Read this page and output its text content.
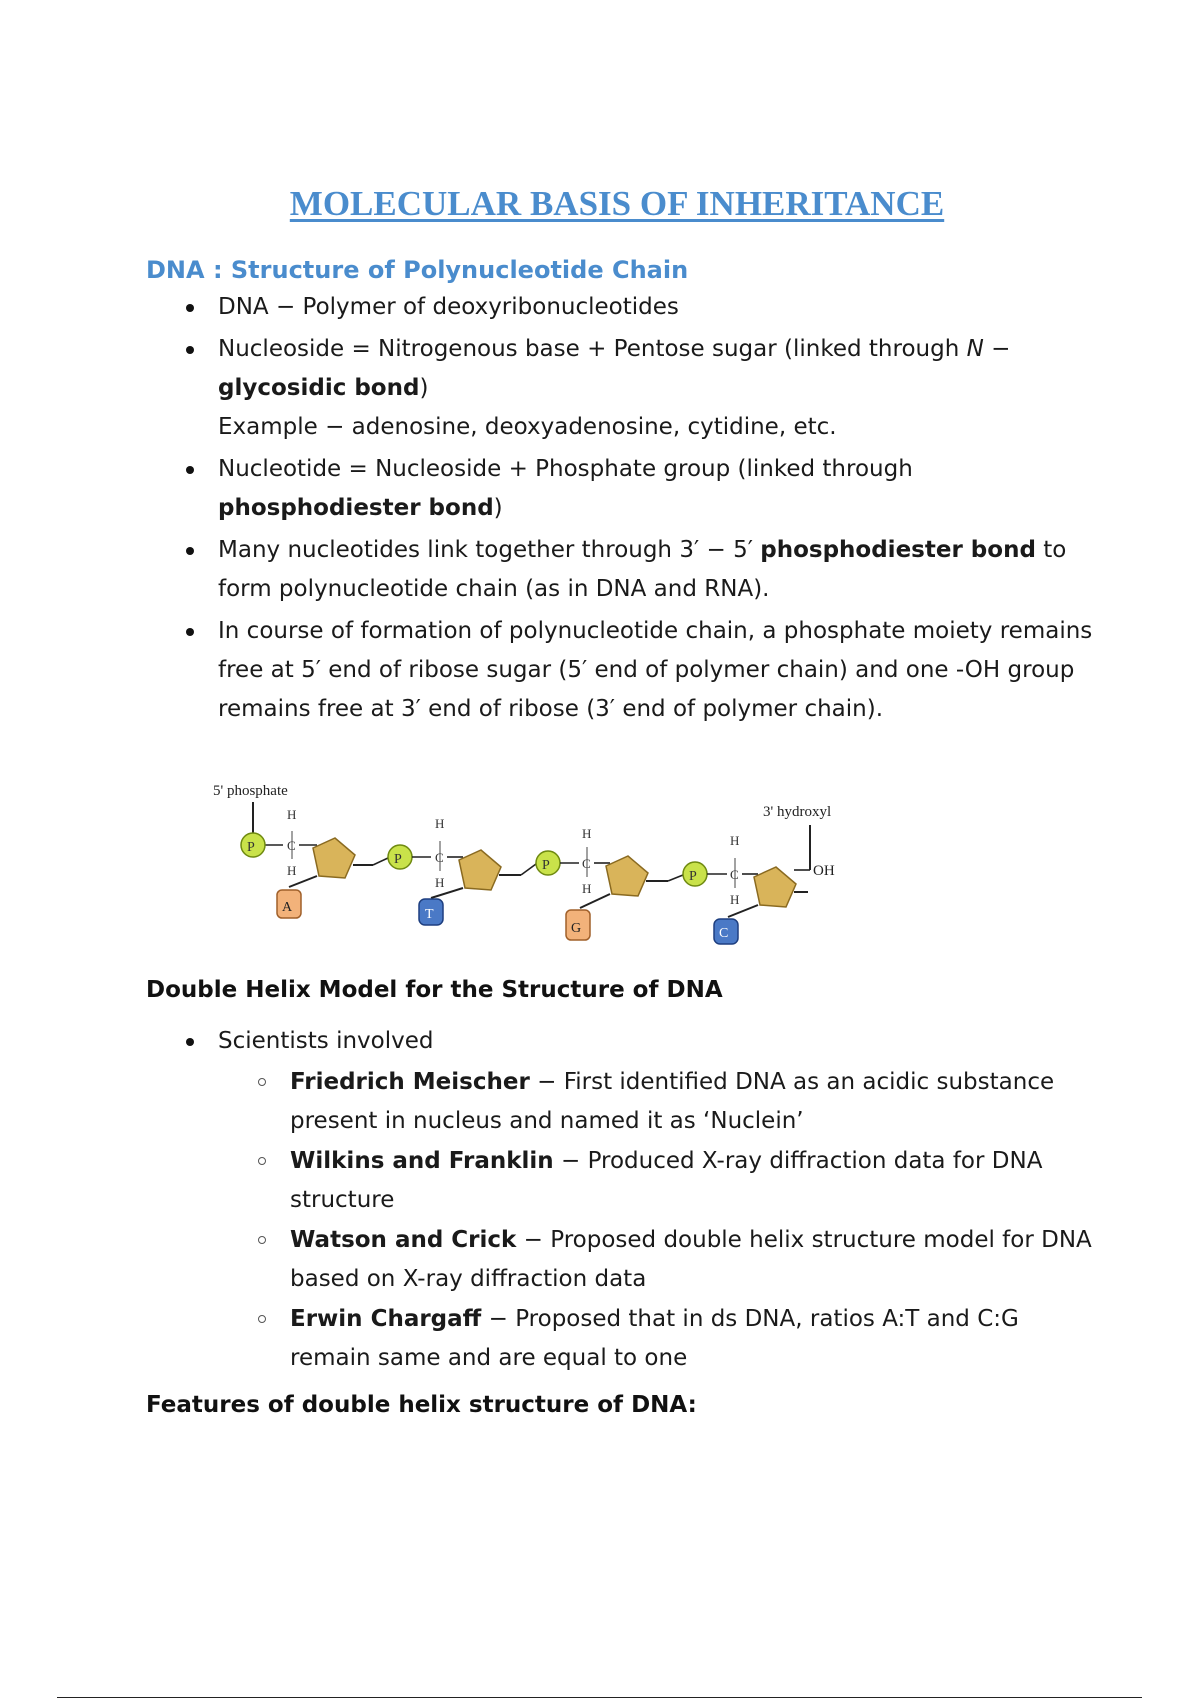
MOLECULAR BASIS OF INHERITANCE
DNA : Structure of Polynucleotide Chain
DNA − Polymer of deoxyribonucleotides
Nucleoside = Nitrogenous base + Pentose sugar (linked through N − glycosidic bond)
Example − adenosine, deoxyadenosine, cytidine, etc.
Nucleotide = Nucleoside + Phosphate group (linked through phosphodiester bond)
Many nucleotides link together through 3′ − 5′ phosphodiester bond to form polynucleotide chain (as in DNA and RNA).
In course of formation of polynucleotide chain, a phosphate moiety remains free at 5′ end of ribose sugar (5′ end of polymer chain) and one -OH group remains free at 3′ end of ribose (3′ end of polymer chain).
5' phosphate
3' hydroxyl
H
C
H
P
A
P
H
C
H
T
P
H
C
H
G
P
H
C
H
OH
C
Double Helix Model for the Structure of DNA
Scientists involved
Friedrich Meischer − First identified DNA as an acidic substance present in nucleus and named it as ‘Nuclein’
Wilkins and Franklin − Produced X-ray diffraction data for DNA structure
Watson and Crick − Proposed double helix structure model for DNA based on X-ray diffraction data
Erwin Chargaff − Proposed that in ds DNA, ratios A:T and C:G remain same and are equal to one
Features of double helix structure of DNA:
